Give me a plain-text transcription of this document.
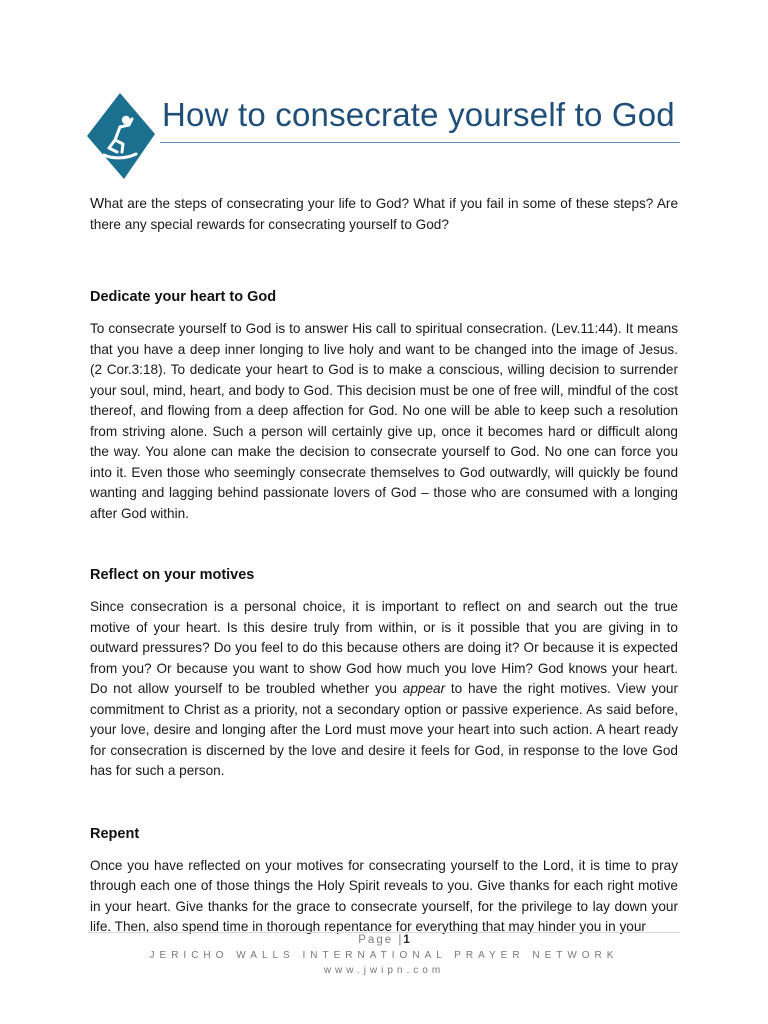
How to consecrate yourself to God

What are the steps of consecrating your life to God? What if you fail in some of these steps? Are there any special rewards for consecrating yourself to God?

Dedicate your heart to God

To consecrate yourself to God is to answer His call to spiritual consecration. (Lev.11:44). It means that you have a deep inner longing to live holy and want to be changed into the image of Jesus. (2 Cor.3:18). To dedicate your heart to God is to make a conscious, willing decision to surrender your soul, mind, heart, and body to God. This decision must be one of free will, mindful of the cost thereof, and flowing from a deep affection for God. No one will be able to keep such a resolution from striving alone. Such a person will certainly give up, once it becomes hard or difficult along the way. You alone can make the decision to consecrate yourself to God. No one can force you into it. Even those who seemingly consecrate themselves to God outwardly, will quickly be found wanting and lagging behind passionate lovers of God – those who are consumed with a longing after God within.

Reflect on your motives

Since consecration is a personal choice, it is important to reflect on and search out the true motive of your heart. Is this desire truly from within, or is it possible that you are giving in to outward pressures? Do you feel to do this because others are doing it? Or because it is expected from you? Or because you want to show God how much you love Him? God knows your heart. Do not allow yourself to be troubled whether you appear to have the right motives. View your commitment to Christ as a priority, not a secondary option or passive experience. As said before, your love, desire and longing after the Lord must move your heart into such action. A heart ready for consecration is discerned by the love and desire it feels for God, in response to the love God has for such a person.

Repent

Once you have reflected on your motives for consecrating yourself to the Lord, it is time to pray through each one of those things the Holy Spirit reveals to you. Give thanks for each right motive in your heart. Give thanks for the grace to consecrate yourself, for the privilege to lay down your life. Then, also spend time in thorough repentance for everything that may hinder you in your

Page |1
JERICHO WALLS INTERNATIONAL PRAYER NETWORK
www.jwipn.com
